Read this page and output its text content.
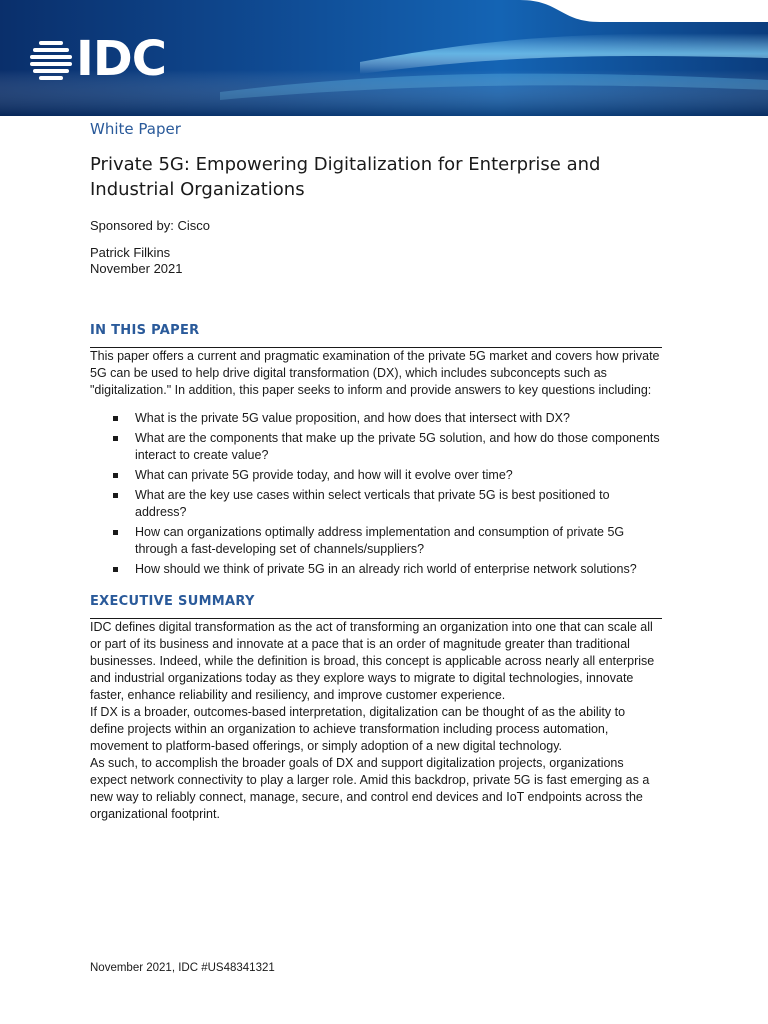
IDC
White Paper
Private 5G: Empowering Digitalization for Enterprise and
Industrial Organizations
Sponsored by: Cisco
Patrick Filkins
November 2021
IN THIS PAPER

This paper offers a current and pragmatic examination of the private 5G market and covers how private 5G can be used to help drive digital transformation (DX), which includes subconcepts such as "digitalization." In addition, this paper seeks to inform and provide answers to key questions including:

What is the private 5G value proposition, and how does that intersect with DX?
What are the components that make up the private 5G solution, and how do those components interact to create value?
What can private 5G provide today, and how will it evolve over time?
What are the key use cases within select verticals that private 5G is best positioned to address?
How can organizations optimally address implementation and consumption of private 5G through a fast-developing set of channels/suppliers?
How should we think of private 5G in an already rich world of enterprise network solutions?
EXECUTIVE SUMMARY

IDC defines digital transformation as the act of transforming an organization into one that can scale all or part of its business and innovate at a pace that is an order of magnitude greater than traditional businesses. Indeed, while the definition is broad, this concept is applicable across nearly all enterprise and industrial organizations today as they explore ways to migrate to digital technologies, innovate faster, enhance reliability and resiliency, and improve customer experience.

If DX is a broader, outcomes-based interpretation, digitalization can be thought of as the ability to define projects within an organization to achieve transformation including process automation, movement to platform-based offerings, or simply adoption of a new digital technology.

As such, to accomplish the broader goals of DX and support digitalization projects, organizations expect network connectivity to play a larger role. Amid this backdrop, private 5G is fast emerging as a new way to reliably connect, manage, secure, and control end devices and IoT endpoints across the organizational footprint.

November 2021, IDC #US48341321
